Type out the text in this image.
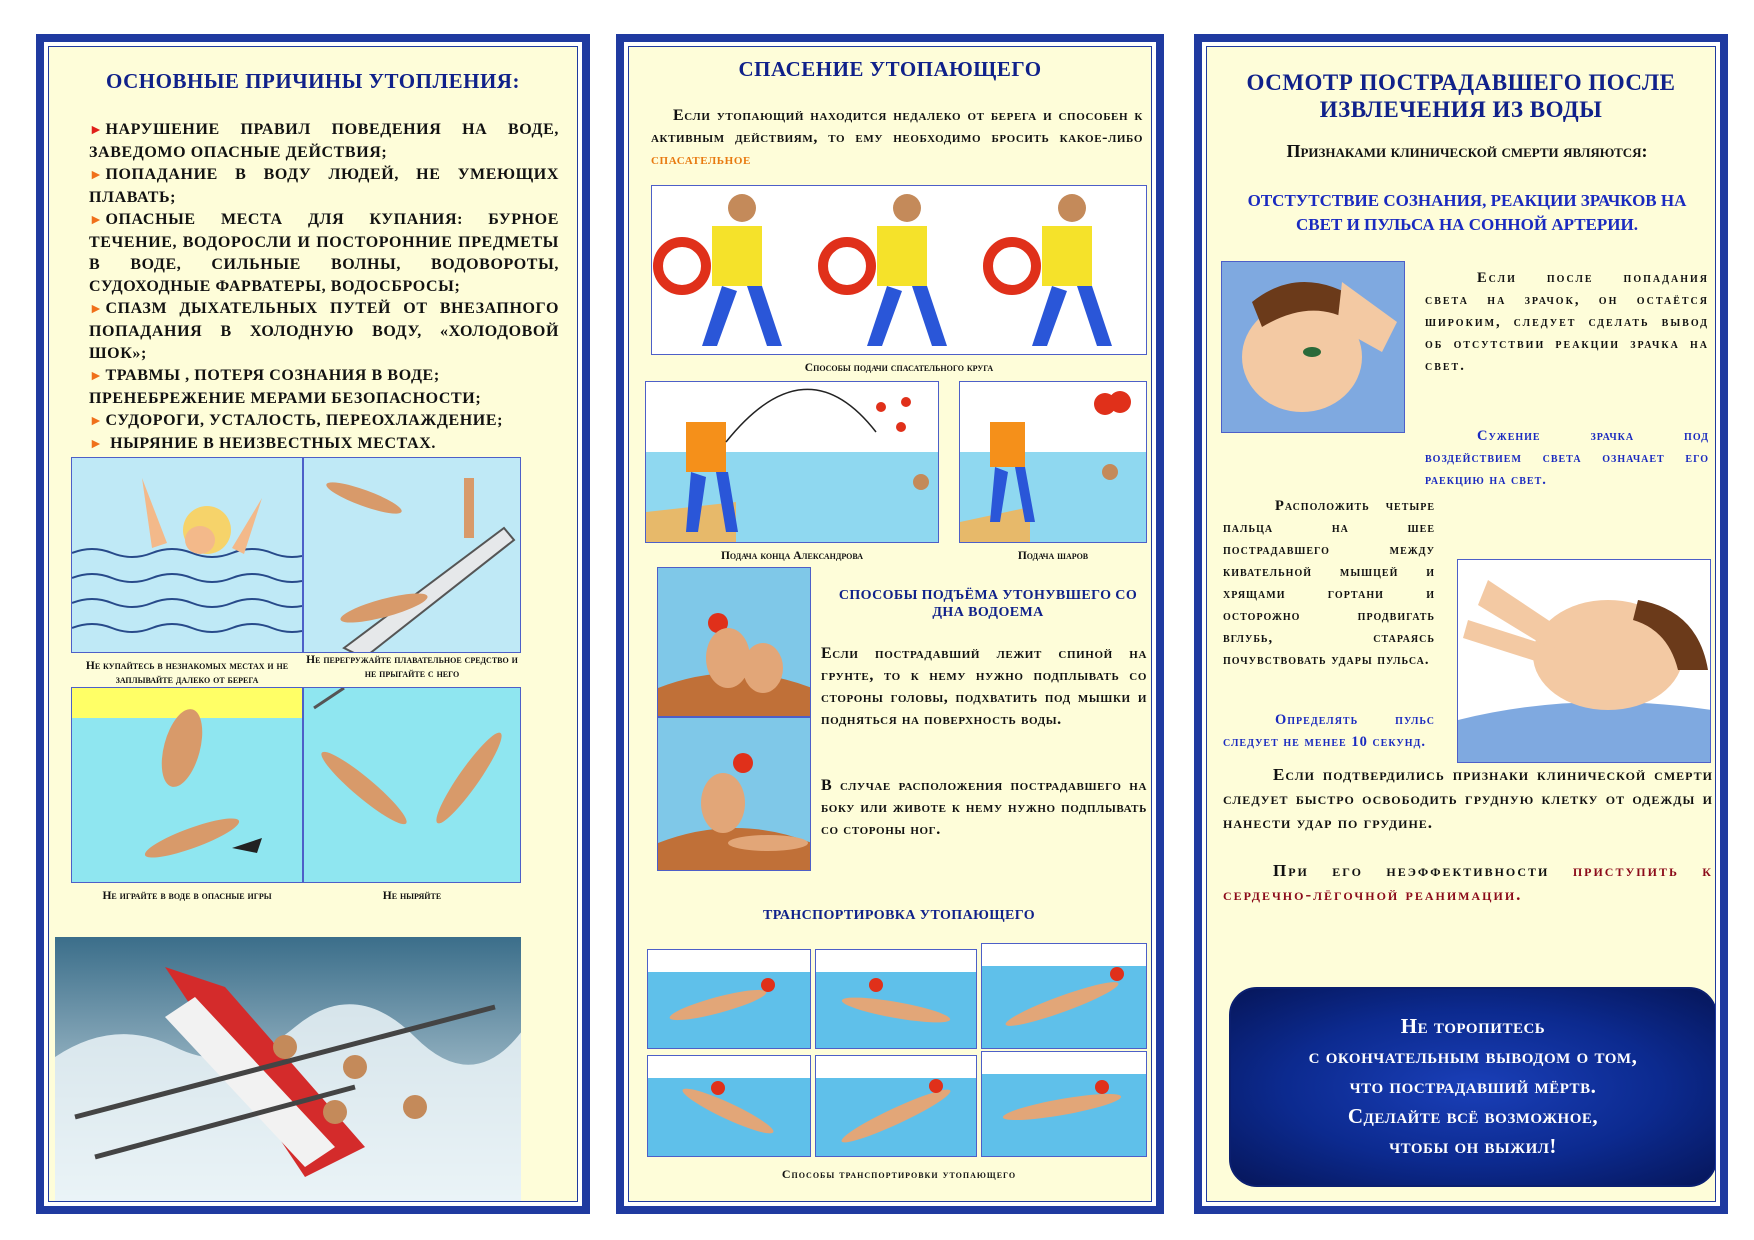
ОСНОВНЫЕ ПРИЧИНЫ УТОПЛЕНИЯ:
► НАРУШЕНИЕ ПРАВИЛ ПОВЕДЕНИЯ НА ВОДЕ, ЗАВЕДОМО ОПАСНЫЕ ДЕЙСТВИЯ;
► ПОПАДАНИЕ В ВОДУ ЛЮДЕЙ, НЕ УМЕЮЩИХ ПЛАВАТЬ;
► ОПАСНЫЕ МЕСТА ДЛЯ КУПАНИЯ: БУРНОЕ ТЕЧЕНИЕ, ВОДОРОСЛИ И ПОСТОРОННИЕ ПРЕДМЕТЫ В ВОДЕ, СИЛЬНЫЕ ВОЛНЫ, ВОДОВОРОТЫ, СУДОХОДНЫЕ ФАРВАТЕРЫ, ВОДОСБРОСЫ;
► СПАЗМ ДЫХАТЕЛЬНЫХ ПУТЕЙ ОТ ВНЕЗАПНОГО ПОПАДАНИЯ В ХОЛОДНУЮ ВОДУ, «ХОЛОДОВОЙ ШОК»;
► ТРАВМЫ , ПОТЕРЯ СОЗНАНИЯ В ВОДЕ;
ПРЕНЕБРЕЖЕНИЕ МЕРАМИ БЕЗОПАСНОСТИ;
► СУДОРОГИ, УСТАЛОСТЬ, ПЕРЕОХЛАЖДЕНИЕ;
► НЫРЯНИЕ В НЕИЗВЕСТНЫХ МЕСТАХ.
Не купайтесь в незнакомых местах и не заплывайте далеко от берега
Не перегружайте плавательное средство и не прыгайте с него
Не играйте в воде в опасные игры	Не ныряйте
СПАСЕНИЕ УТОПАЮЩЕГО

Если утопающий находится недалеко от берега и способен к активным действиям, то ему необходимо бросить какое-либо спасательное

Способы подачи спасательного круга
Подача конца Александрова	Подача шаров
СПОСОБЫ ПОДЪЁМА УТОНУВШЕГО СО ДНА ВОДОЕМА

Если пострадавший лежит спиной на грунте, то к нему нужно подплывать со стороны головы, подхватить под мышки и подняться на поверхность воды.

В случае расположения пострадавшего на боку или животе к нему нужно подплывать со стороны ног.

ТРАНСПОРТИРОВКА УТОПАЮЩЕГО
Способы транспортировки утопающего
ОСМОТР ПОСТРАДАВШЕГО ПОСЛЕ ИЗВЛЕЧЕНИЯ ИЗ ВОДЫ
Признаками клинической смерти являются:
ОТСТУТСТВИЕ СОЗНАНИЯ, РЕАКЦИИ ЗРАЧКОВ НА СВЕТ И ПУЛЬСА НА СОННОЙ АРТЕРИИ.

Если после попадания света на зрачок, он остаётся широким, следует сделать вывод об отсутствии реакции зрачка на свет.

Сужение зрачка под воздействием света означает его раекцию на свет.

Расположить четыре пальца на шее пострадавшего между кивательной мышцей и хрящами гортани и осторожно продвигать вглубь, стараясь почувствовать удары пульса.

Определять пульс следует не менее 10 секунд.

Если подтвердились признаки клинической смерти следует быстро освободить грудную клетку от одежды и нанести удар по грудине.

При его неэффективности приступить к сердечно-лёгочной реанимации.

Не торопитесь
с окончательным выводом о том,
что пострадавший мёртв.
Сделайте всё возможное,
чтобы он выжил!
